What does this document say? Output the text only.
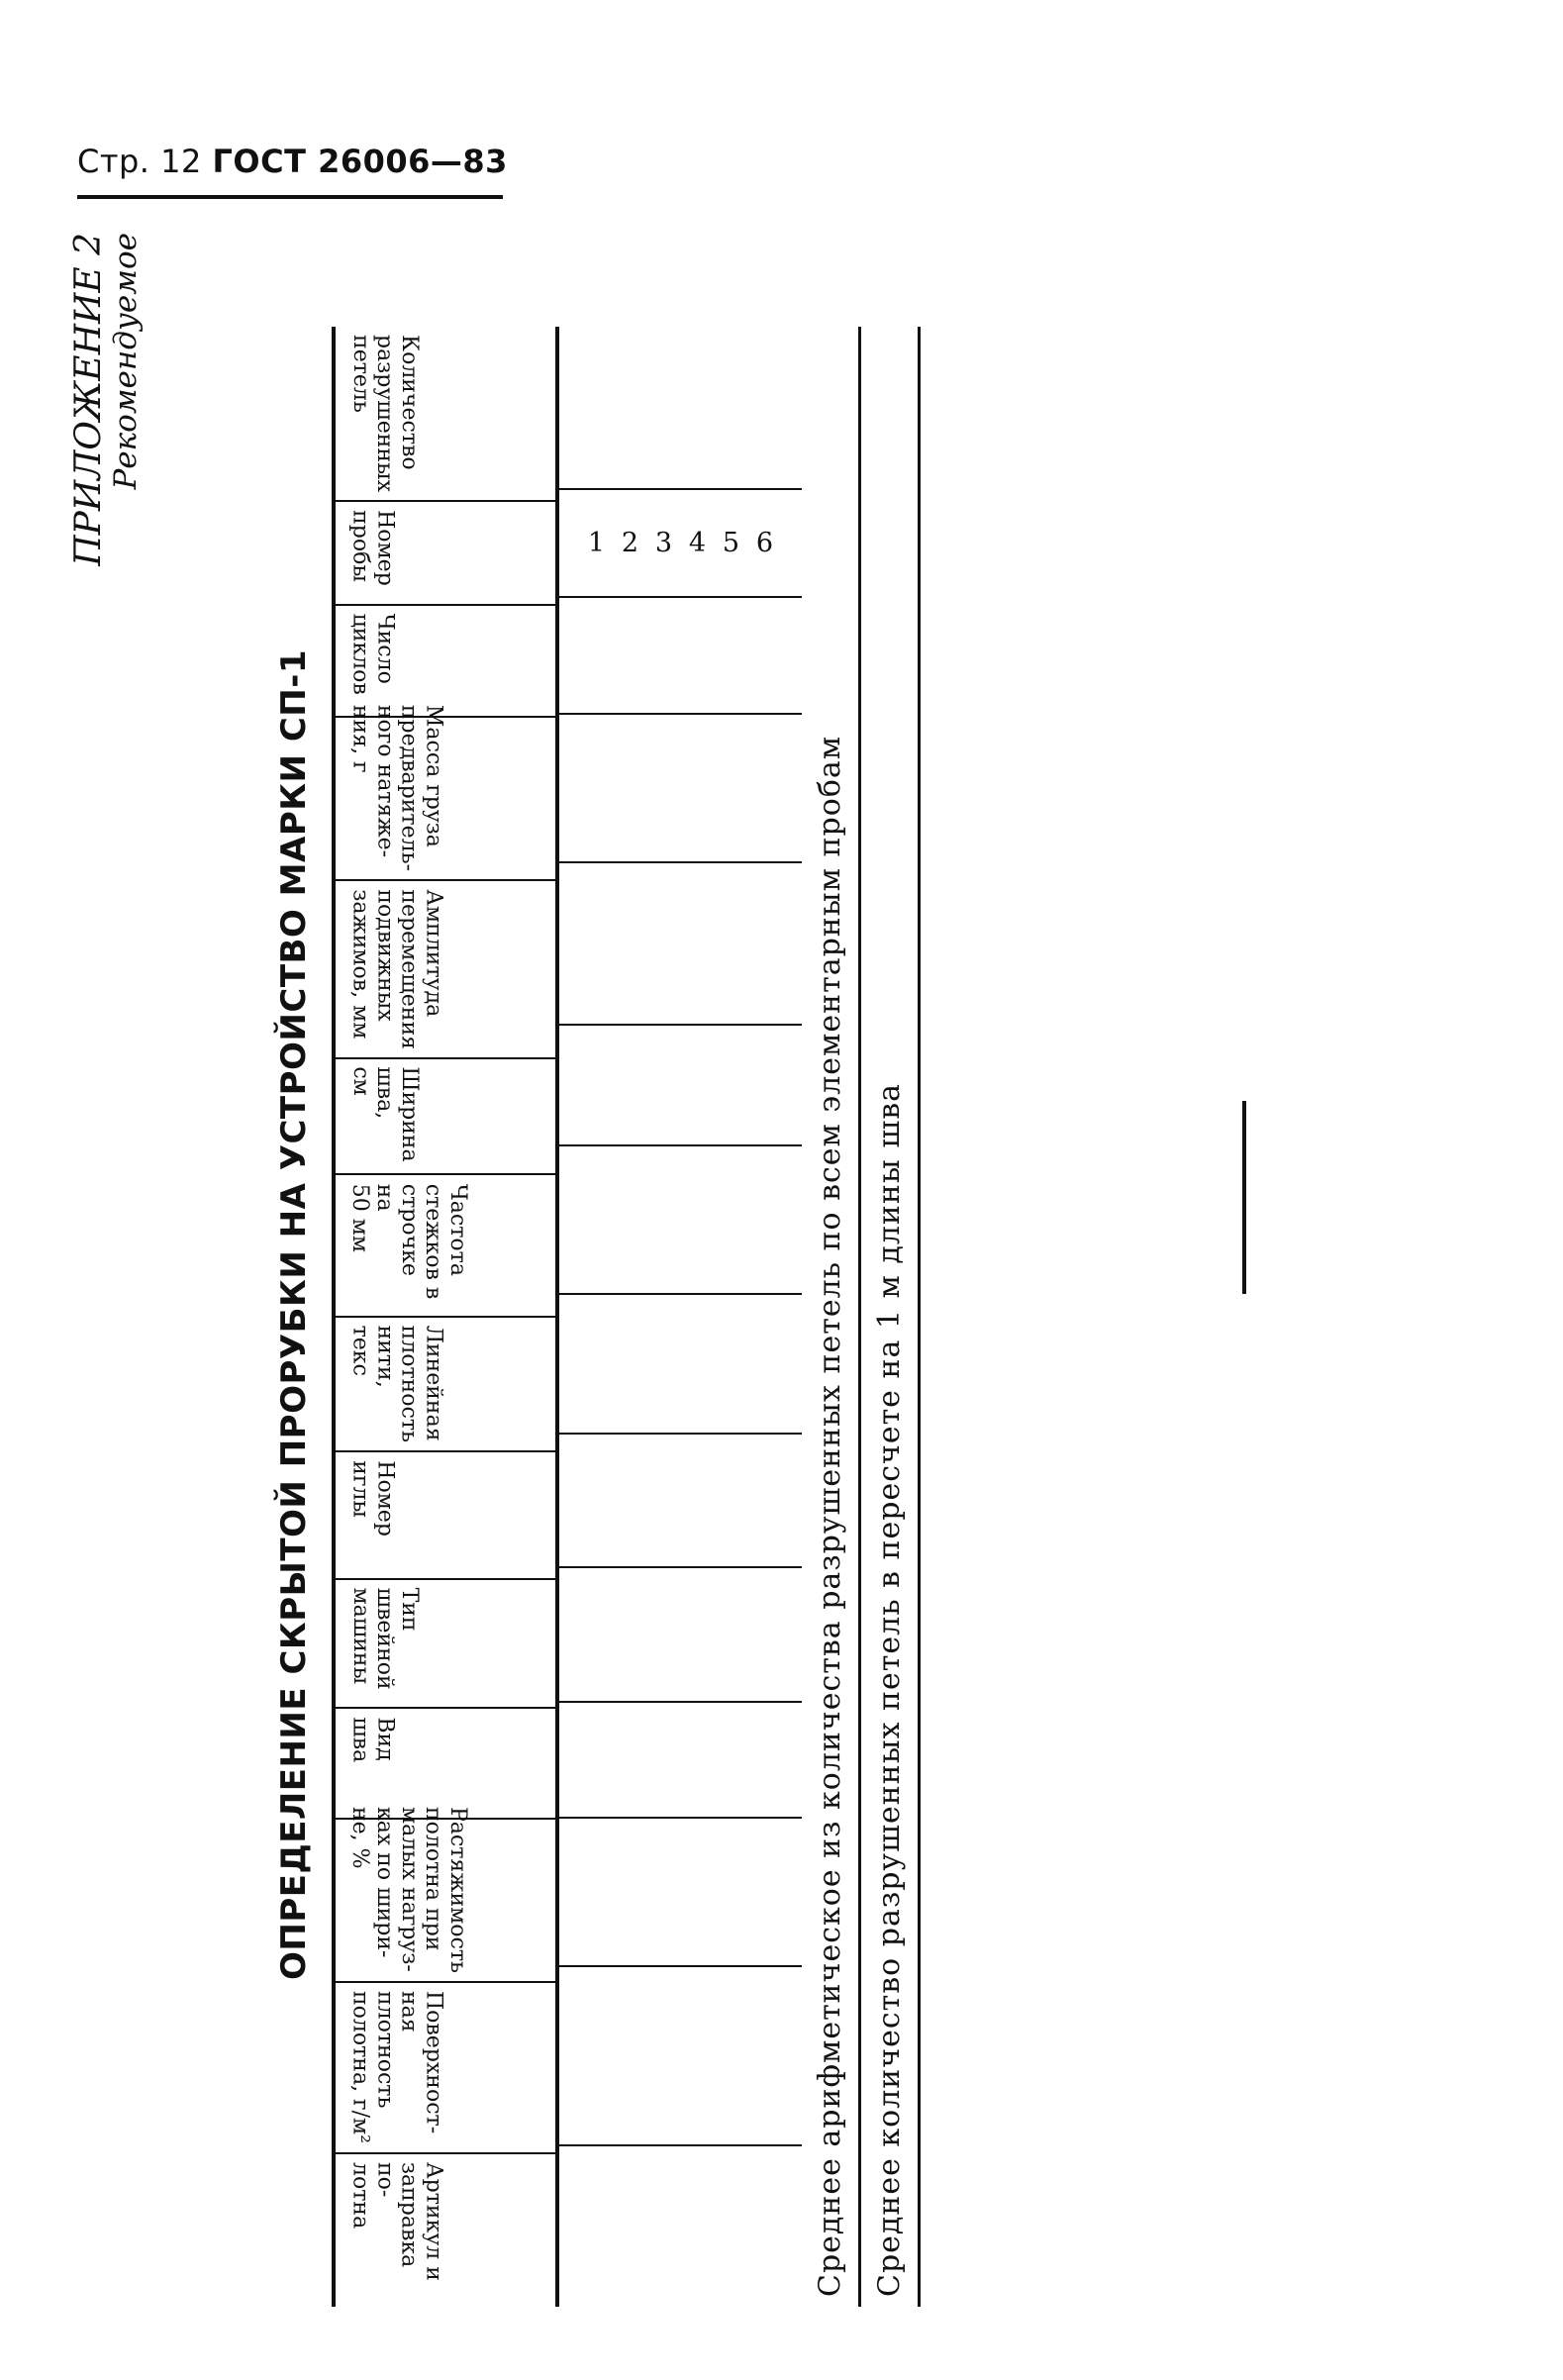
Стр. 12 ГОСТ 26006—83
ПРИЛОЖЕНИЕ 2
Рекомендуемое
ОПРЕДЕЛЕНИЕ СКРЫТОЙ ПРОРУБКИ НА УСТРОЙСТВО МАРКИ СП-1
Артикул и
заправка по-
лотна
Поверхност-
ная плотность
полотна, г/м²
Растяжимость
полотна при
малых нагруз-
ках по шири-
не, %
Вид шва
Тип швейной
машины
Номер иглы
Линейная
плотность
нити, текс
Частота
стежков в
строчке на
50 мм
Ширина шва,
см
Амплитуда
перемещения
подвижных
зажимов, мм
Масса груза
предваритель-
ного натяже-
ния, г
Число циклов
Номер пробы
Количество
разрушенных
петель
1 2 3 4 5 6
Среднее арифметическое из количества разрушенных петель по всем элементарным пробам Среднее количество разрушенных петель в пересчете на 1 м длины шва
